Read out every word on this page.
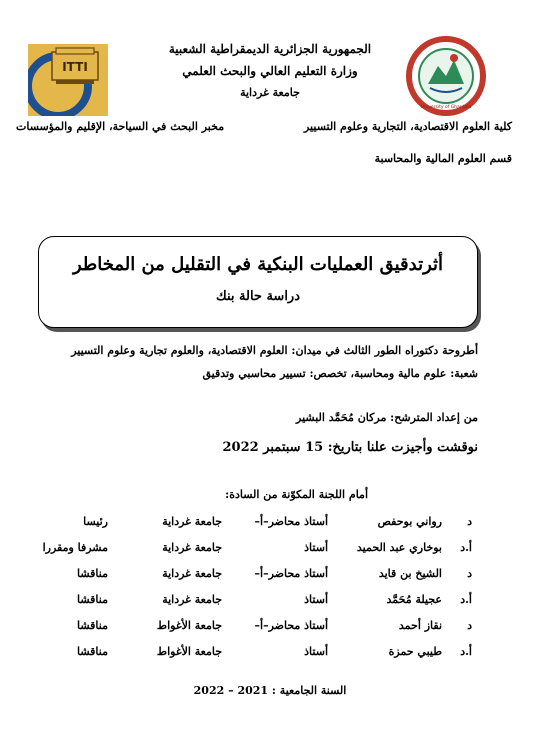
ITTI
University of Ghardaia
الجمهورية الجزائرية الديمقراطية الشعبية
وزارة التعليم العالي والبحث العلمي
جامعة غرداية
كلية العلوم الاقتصادية، التجارية وعلوم التسيير
مخبر البحث في السياحة، الإقليم والمؤسسات
قسم العلوم المالية والمحاسبة
أثرتدقيق العمليات البنكية في التقليل من المخاطر
دراسة حالة بنك
أطروحة دكتوراه الطور الثالث في ميدان: العلوم الاقتصادية، والعلوم تجارية وعلوم التسيير
شعبة: علوم مالية ومحاسبة، تخصص: تسيير محاسبي وتدقيق
من إعداد المترشح: مركان مُحَمَّد البشير
نوقشت وأجيزت علنا بتاريخ: 15 سبتمبر 2022
أمام اللجنة المكوّنة من السادة:
د
رواني بوحفص
أستاذ محاضر–أ–
جامعة غرداية
رئيسا
أ.د
بوخاري عبد الحميد
أستاذ
جامعة غرداية
مشرفا ومقررا
د
الشيخ بن قايد
أستاذ محاضر–أ–
جامعة غرداية
مناقشا
أ.د
عجيلة مُحَمَّد
أستاذ
جامعة غرداية
مناقشا
د
نقاز أحمد
أستاذ محاضر–أ–
جامعة الأغواط
مناقشا
أ.د
طيبي حمزة
أستاذ
جامعة الأغواط
مناقشا
السنة الجامعية : 2021 – 2022
